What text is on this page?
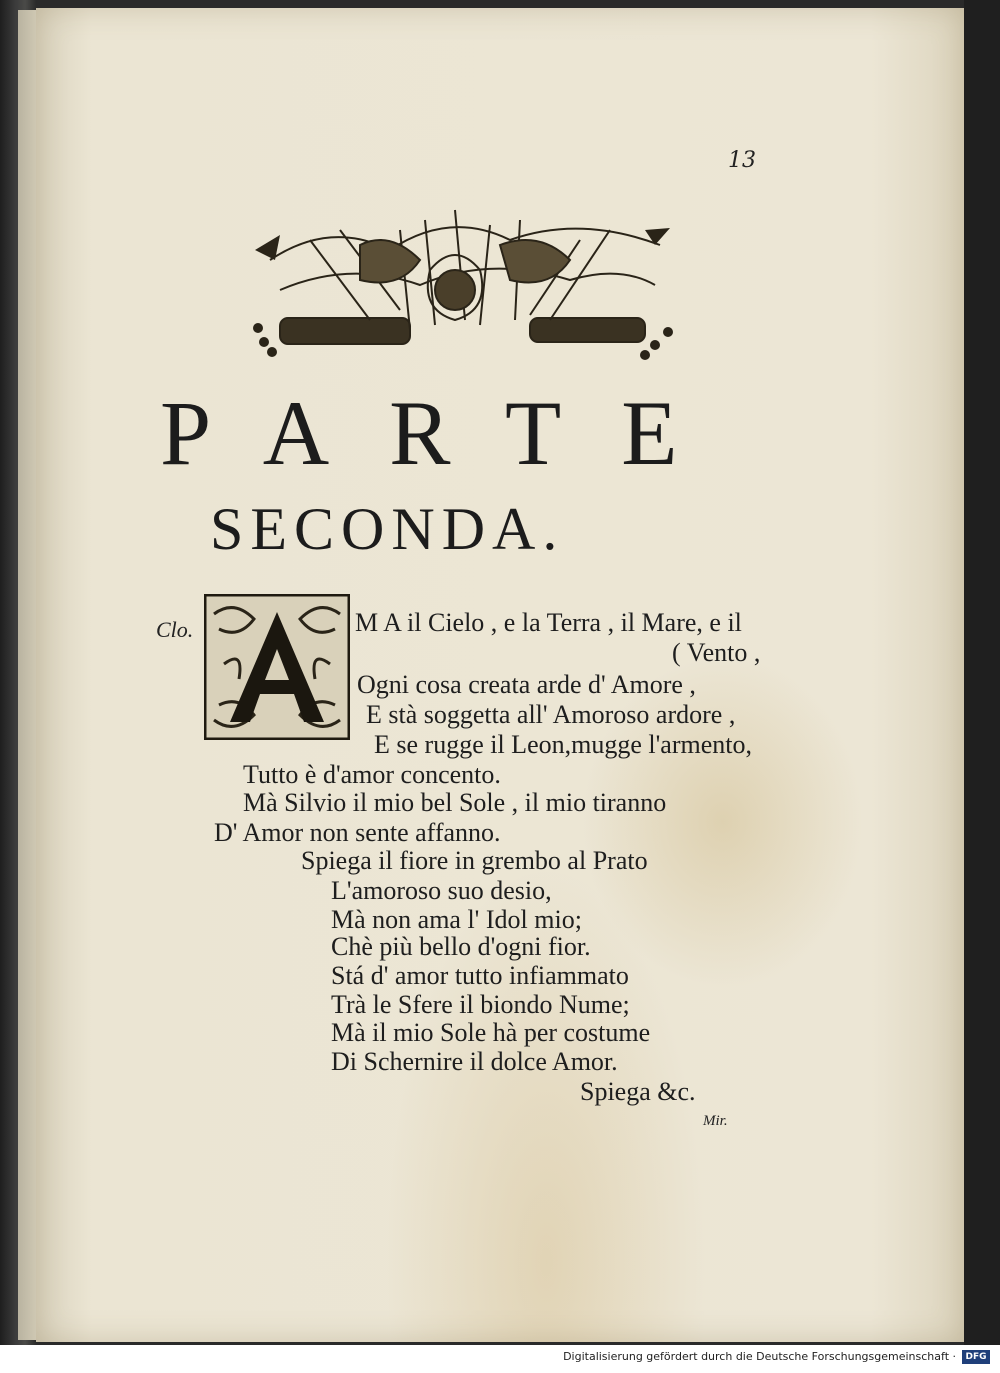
13
PARTE
SECONDA.
Clo.	M A il Cielo , e la Terra , il Mare, e il
( Vento ,
Ogni cosa creata arde d' Amore ,
E stà soggetta all' Amoroso ardore ,
E se rugge il Leon,mugge l'armento,
Tutto è d'amor concento.
Mà Silvio il mio bel Sole , il mio tiranno
D' Amor non sente affanno.
Spiega il fiore in grembo al Prato
L'amoroso suo desio,
Mà non ama l' Idol mio;
Chè più bello d'ogni fior.
Stá d' amor tutto infiammato
Trà le Sfere il biondo Nume;
Mà il mio Sole hà per costume
Di Schernire il dolce Amor.
Spiega &c.
Mir.
Digitalisierung gefördert durch die Deutsche Forschungsgemeinschaft ·	DFG
